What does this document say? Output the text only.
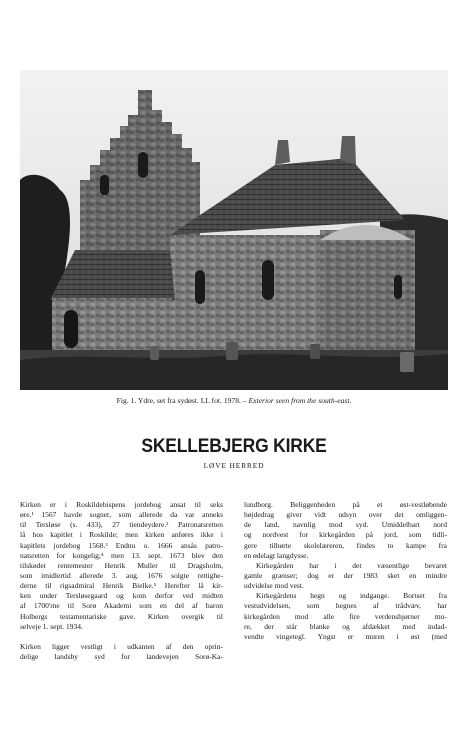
Fig. 1. Ydre, set fra sydøst. LL fot. 1978. – Exterior seen from the south-east.
SKELLEBJERG KIRKE
LØVE HERRED
Kirken er i Roskildebispens jordebog ansat til seks
øre.¹ 1567 havde sognet, som allerede da var anneks
til Tersløse (s. 433), 27 tiendeydere.² Patronatsretten
lå hos kapitlet i Roskilde; men kirken anføres ikke i
kapitlets jordebog 1568.³ Endnu o. 1666 ansås patro-
natsretten for kongelig;⁴ men 13. sept. 1673 blev den
tilskødet rentemester Henrik Muller til Dragsholm,
som imidlertid allerede 3. aug. 1676 solgte rettighe-
derne til rigsadmiral Henrik Bielke.⁵ Herefter lå kir-
ken under Tersløsegaard og kom derfor ved midten
af 1700'rne til Sorø Akademi som en del af baron
Holbergs testamentariske gave. Kirken overgik til
selveje 1. sept. 1934.
Kirken ligger vestligt i udkanten af den oprin-
delige landsby syd for landevejen Sorø-Ka-
lundborg. Beliggenheden på et øst-vestløbende
højdedrag giver vidt udsyn over det omliggen-
de land, navnlig mod syd. Umiddelbart nord
og nordvest for kirkegården på jord, som tidli-
gere tilhørte skolelæreren, findes to kampe fra
en ødelagt langdysse.
Kirkegården har i det væsentlige bevaret
gamle grænser; dog er der 1983 sket en mindre
udvidelse mod vest.
Kirkegårdens hegn og indgange. Bortset fra
vestudvidelsen, som hegnes af trådvæv, har
kirkegården mod alle fire verdenshjørner mu-
re, der står blanke og afdækket med indad-
vendte vingetegl. Yngst er muren i øst (med
